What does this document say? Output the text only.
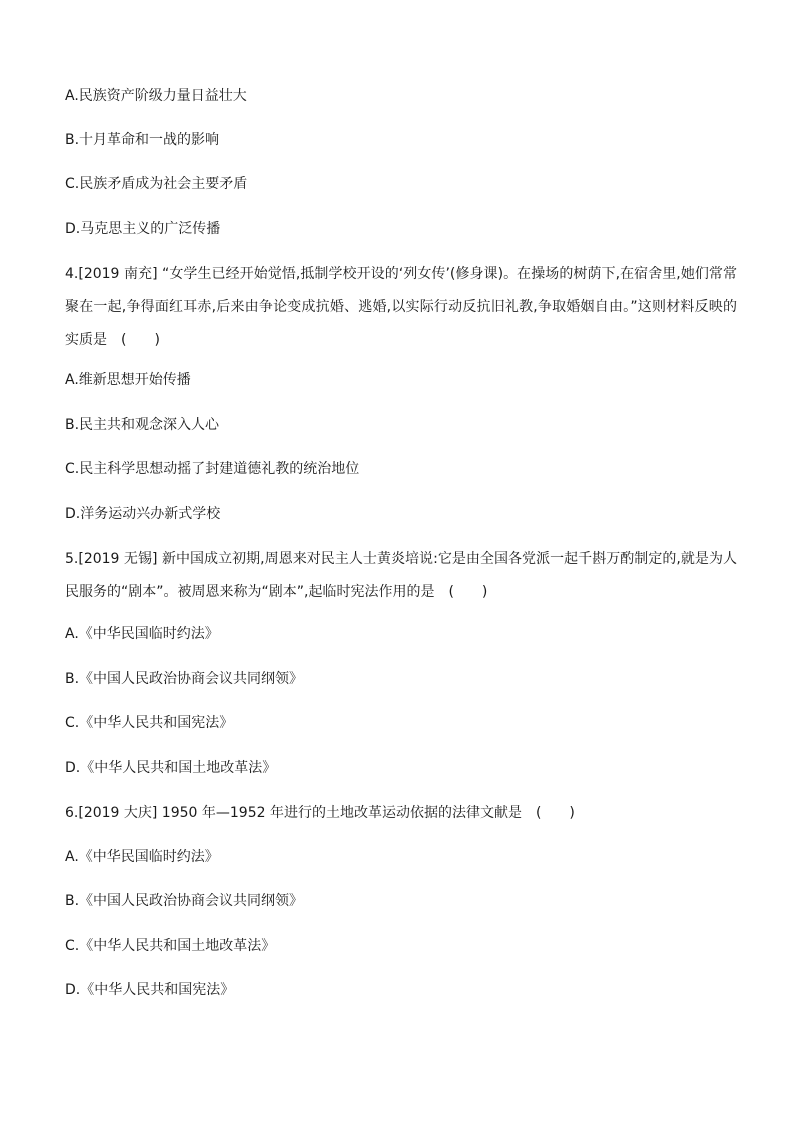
A.民族资产阶级力量日益壮大
B.十月革命和一战的影响
C.民族矛盾成为社会主要矛盾
D.马克思主义的广泛传播
4.[2019 南充] “女学生已经开始觉悟,抵制学校开设的‘列女传’(修身课)。在操场的树荫下,在宿舍里,她们常常聚在一起,争得面红耳赤,后来由争论变成抗婚、逃婚,以实际行动反抗旧礼教,争取婚姻自由。”这则材料反映的实质是 (　　)
A.维新思想开始传播
B.民主共和观念深入人心
C.民主科学思想动摇了封建道德礼教的统治地位
D.洋务运动兴办新式学校
5.[2019 无锡] 新中国成立初期,周恩来对民主人士黄炎培说:它是由全国各党派一起千斟万酌制定的,就是为人民服务的“剧本”。被周恩来称为“剧本”,起临时宪法作用的是 (　　)
A.《中华民国临时约法》
B.《中国人民政治协商会议共同纲领》
C.《中华人民共和国宪法》
D.《中华人民共和国土地改革法》
6.[2019 大庆] 1950 年—1952 年进行的土地改革运动依据的法律文献是 (　　)
A.《中华民国临时约法》
B.《中国人民政治协商会议共同纲领》
C.《中华人民共和国土地改革法》
D.《中华人民共和国宪法》
